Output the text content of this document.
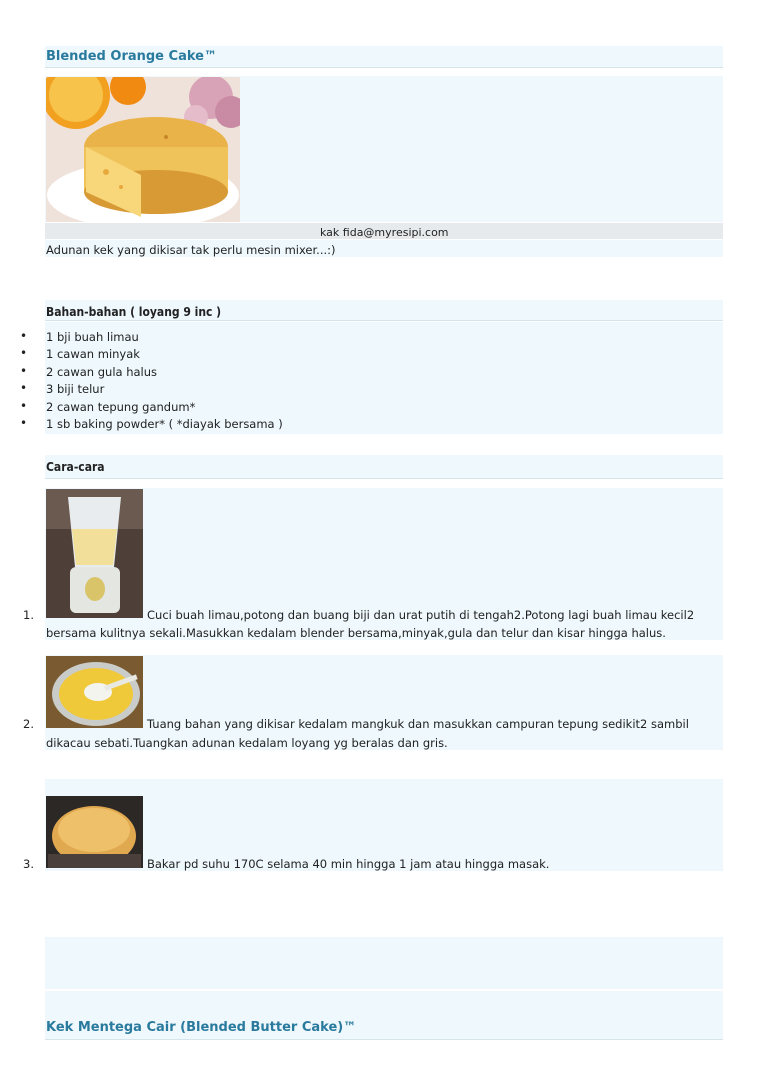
Blended Orange Cake™
kak fida@myresipi.com
Adunan kek yang dikisar tak perlu mesin mixer...:)
Bahan-bahan ( loyang 9 inc )
• 1 bji buah limau
• 1 cawan minyak
• 2 cawan gula halus
• 3 biji telur
• 2 cawan tepung gandum*
• 1 sb baking powder* ( *diayak bersama )
Cara-cara
1.	Cuci buah limau,potong dan buang biji dan urat putih di tengah2.Potong lagi buah limau kecil2
bersama kulitnya sekali.Masukkan kedalam blender bersama,minyak,gula dan telur dan kisar hingga halus.
2.	Tuang bahan yang dikisar kedalam mangkuk dan masukkan campuran tepung sedikit2 sambil
dikacau sebati.Tuangkan adunan kedalam loyang yg beralas dan gris.
3.	Bakar pd suhu 170C selama 40 min hingga 1 jam atau hingga masak.
Kek Mentega Cair (Blended Butter Cake)™
